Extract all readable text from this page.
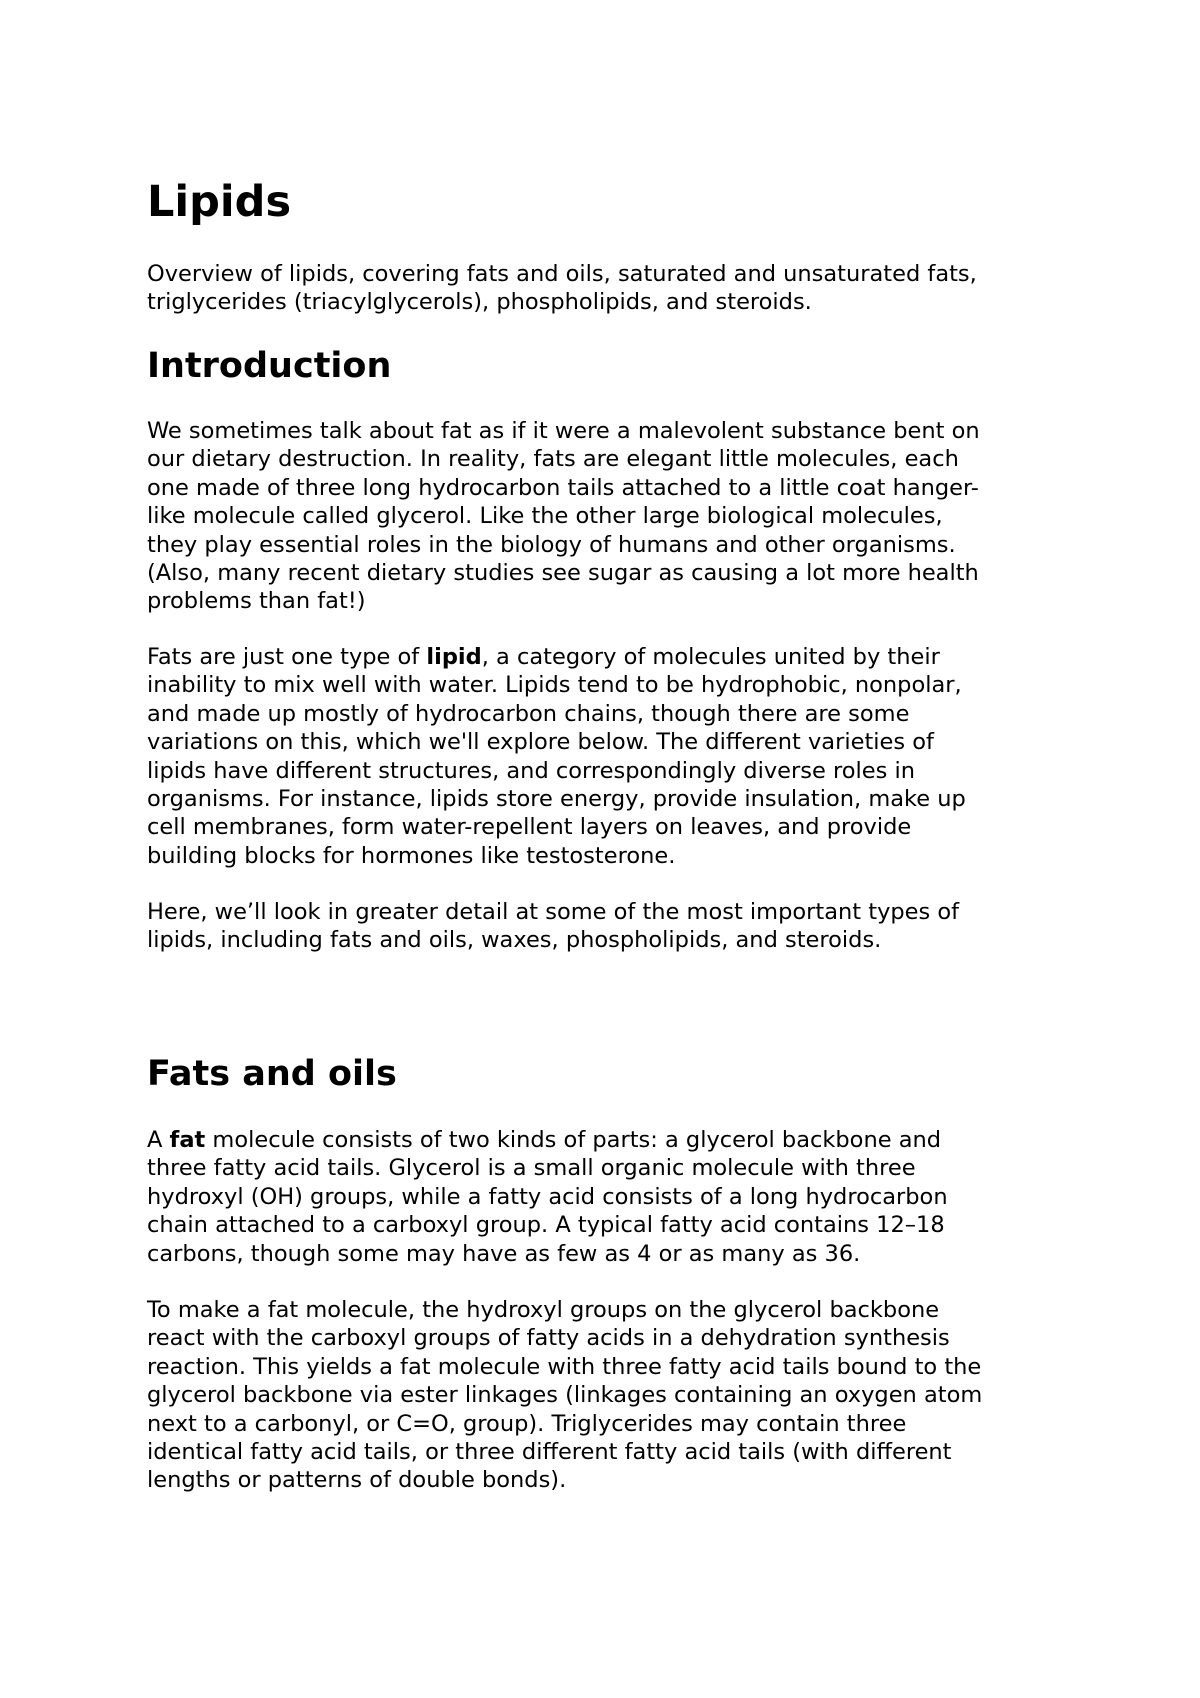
Lipids
Overview of lipids, covering fats and oils, saturated and unsaturated fats,
triglycerides (triacylglycerols), phospholipids, and steroids.
Introduction
We sometimes talk about fat as if it were a malevolent substance bent on
our dietary destruction. In reality, fats are elegant little molecules, each
one made of three long hydrocarbon tails attached to a little coat hanger-
like molecule called glycerol. Like the other large biological molecules,
they play essential roles in the biology of humans and other organisms.
(Also, many recent dietary studies see sugar as causing a lot more health
problems than fat!)
Fats are just one type of lipid, a category of molecules united by their
inability to mix well with water. Lipids tend to be hydrophobic, nonpolar,
and made up mostly of hydrocarbon chains, though there are some
variations on this, which we'll explore below. The different varieties of
lipids have different structures, and correspondingly diverse roles in
organisms. For instance, lipids store energy, provide insulation, make up
cell membranes, form water-repellent layers on leaves, and provide
building blocks for hormones like testosterone.
Here, we’ll look in greater detail at some of the most important types of
lipids, including fats and oils, waxes, phospholipids, and steroids.
Fats and oils
A fat molecule consists of two kinds of parts: a glycerol backbone and
three fatty acid tails. Glycerol is a small organic molecule with three
hydroxyl (OH) groups, while a fatty acid consists of a long hydrocarbon
chain attached to a carboxyl group. A typical fatty acid contains 12–18
carbons, though some may have as few as 4 or as many as 36.
To make a fat molecule, the hydroxyl groups on the glycerol backbone
react with the carboxyl groups of fatty acids in a dehydration synthesis
reaction. This yields a fat molecule with three fatty acid tails bound to the
glycerol backbone via ester linkages (linkages containing an oxygen atom
next to a carbonyl, or C=O, group). Triglycerides may contain three
identical fatty acid tails, or three different fatty acid tails (with different
lengths or patterns of double bonds).
